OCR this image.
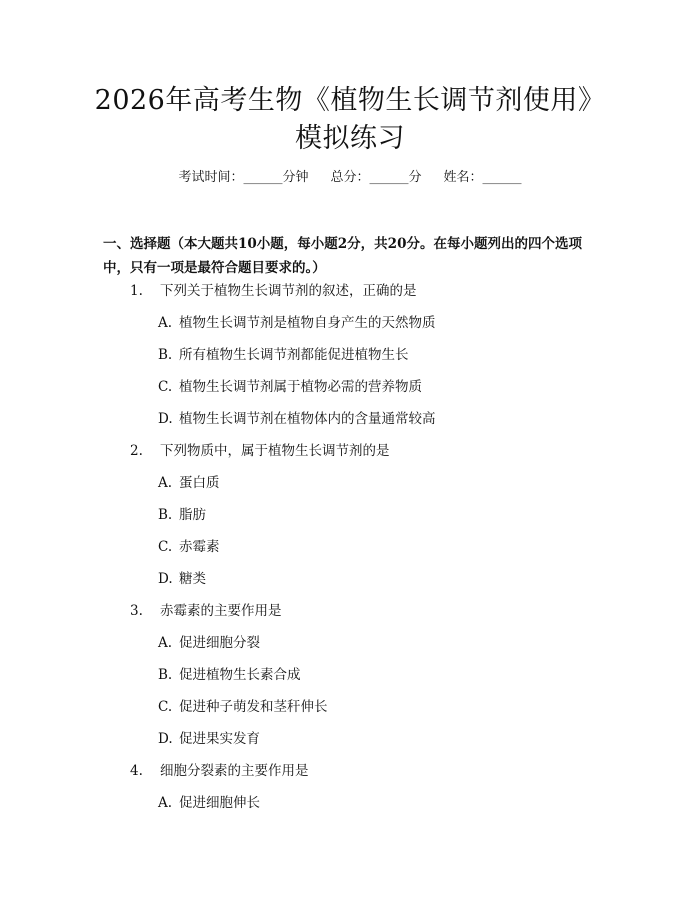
2026年高考生物《植物生长调节剂使用》模拟练习
考试时间：______分钟 总分：______分 姓名：______
一、选择题（本大题共10小题，每小题2分，共20分。在每小题列出的四个选项中，只有一项是最符合题目要求的。）
1. 下列关于植物生长调节剂的叙述，正确的是
A. 植物生长调节剂是植物自身产生的天然物质
B. 所有植物生长调节剂都能促进植物生长
C. 植物生长调节剂属于植物必需的营养物质
D. 植物生长调节剂在植物体内的含量通常较高
2. 下列物质中，属于植物生长调节剂的是
A. 蛋白质
B. 脂肪
C. 赤霉素
D. 糖类
3. 赤霉素的主要作用是
A. 促进细胞分裂
B. 促进植物生长素合成
C. 促进种子萌发和茎秆伸长
D. 促进果实发育
4. 细胞分裂素的主要作用是
A. 促进细胞伸长
